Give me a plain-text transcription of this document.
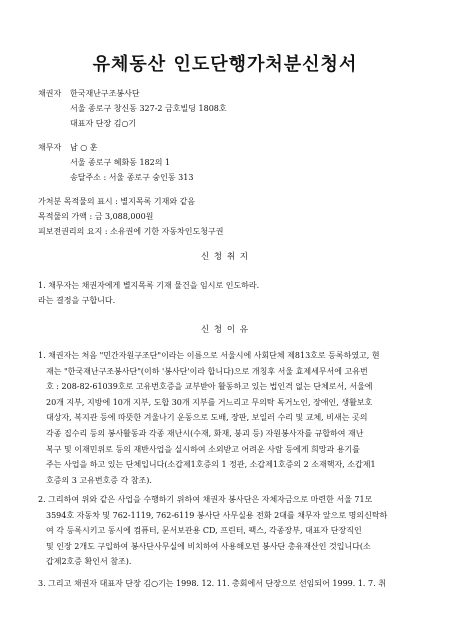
유체동산 인도단행가처분신청서
채권자 한국재난구조봉사단
서울 종로구 창신동 327-2 금호빌딩 1808호
대표자 단장 김○기
채무자 남 ○ 훈
서울 종로구 혜화동 182의 1
송달주소 : 서울 종로구 숭인동 313
가처분 목적물의 표시 : 별지목록 기재와 같음
목적물의 가액 : 금 3,088,000원
피보전권리의 요지 : 소유권에 기한 자동차인도청구권
신 청 취 지
1. 채무자는 채권자에게 별지목록 기재 물건을 임시로 인도하라.
라는 결정을 구합니다.
신 청 이 유
1. 채권자는 처음 "민간자원구조단"이라는 이름으로 서울시에 사회단체 제813호로 등록하였고, 현
재는 "한국재난구조봉사단"(이하 '봉사단'이라 합니다)으로 개칭후 서울 효제세무서에 고유번
호 : 208-82-61039호로 고유번호증을 교부받아 활동하고 있는 법인격 없는 단체로서, 서울에
20개 지부, 지방에 10개 지부, 도합 30개 지부를 거느리고 무의탁 독거노인, 장애인, 생활보호
대상자, 복지관 등에 따뜻한 겨울나기 운동으로 도배, 장판, 보일러 수리 및 교체, 비새는 곳의
각종 집수리 등의 봉사활동과 각종 재난시(수재, 화재, 붕괴 등) 자원봉사자를 규합하여 재난
복구 및 이재민위로 등의 재반사업을 실시하여 소외받고 어려운 사람 등에게 희망과 용기를
주는 사업을 하고 있는 단체입니다(소갑제1호증의 1 정관, 소갑제1호증의 2 소재핵자, 소갑제1
호증의 3 고유번호증 각 참조).
2. 그리하여 위와 같은 사업을 수행하기 위하여 채권자 봉사단은 자체자금으로 마련한 서울 71모
3594호 자동차 및 762-1119, 762-6119 봉사단 사무실용 전화 2대를 채무자 앞으로 명의신탁하
여 각 등록시키고 동시에 컴퓨터, 문서보관용 CD, 프린터, 팩스, 각종장부, 대표자 단장직인
및 인장 2개도 구입하여 봉사단사무실에 비치하여 사용해오던 봉사단 총유재산인 것입니다(소
갑제2호증 확인서 참조).
3. 그리고 채권자 대표자 단장 김○기는 1998. 12. 11. 총회에서 단장으로 선임되어 1999. 1. 7. 취
